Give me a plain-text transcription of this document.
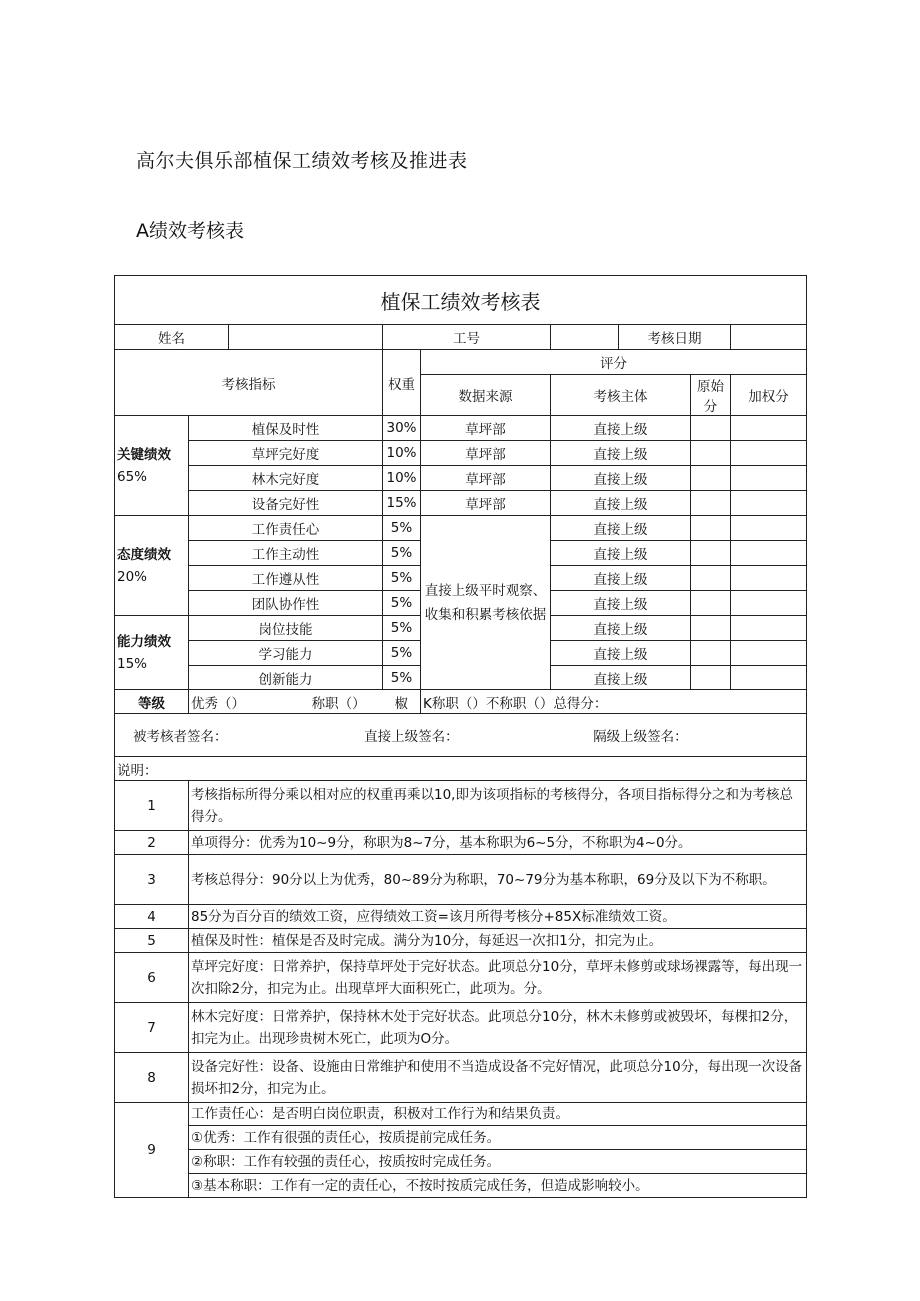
高尔夫俱乐部植保工绩效考核及推进表
A绩效考核表
植保工绩效考核表								
姓名			工号			考核日期		
考核指标			权重	评分				
				数据来源	考核主体		原始分	加权分
关键绩效
65%	植保及时性		30%	草坪部	直接上级			
	草坪完好度		10%	草坪部	直接上级			
	林木完好度		10%	草坪部	直接上级			
	设备完好性		15%	草坪部	直接上级			
态度绩效
20%	工作责任心		5%	直接上级平时观察、收集和积累考核依据	直接上级			
	工作主动性		5%		直接上级			
	工作遵从性		5%		直接上级			
	团队协作性		5%		直接上级			
能力绩效
15%	岗位技能		5%		直接上级			
	学习能力		5%		直接上级			
	创新能力		5%		直接上级			
等级	优秀（） 称职（）		椒	K称职（）不称职（）总得分：				
被考核者签名： 直接上级签名： 隔级上级签名：								
说明：								
1	考核指标所得分乘以相对应的权重再乘以10,即为该项指标的考核得分，各项目指标得分之和为考核总得分。							
2	单项得分：优秀为10~9分，称职为8~7分，基本称职为6~5分，不称职为4~0分。							
3	考核总得分：90分以上为优秀，80~89分为称职，70~79分为基本称职，69分及以下为不称职。							
4	85分为百分百的绩效工资，应得绩效工资=该月所得考核分+85X标准绩效工资。							
5	植保及时性：植保是否及时完成。满分为10分，每延迟一次扣1分，扣完为止。							
6	草坪完好度：日常养护，保持草坪处于完好状态。此项总分10分，草坪未修剪或球场裸露等，每出现一次扣除2分，扣完为止。出现草坪大面积死亡，此项为。分。							
7	林木完好度：日常养护，保持林木处于完好状态。此项总分10分，林木未修剪或被毁坏，每棵扣2分，扣完为止。出现珍贵树木死亡，此项为O分。							
8	设备完好性：设备、设施由日常维护和使用不当造成设备不完好情况，此项总分10分，每出现一次设备损坏扣2分，扣完为止。							
9	工作责任心：是否明白岗位职责，积极对工作行为和结果负责。							
	①优秀：工作有很强的责任心，按质提前完成任务。							
	②称职：工作有较强的责任心，按质按时完成任务。							
	③基本称职：工作有一定的责任心，不按时按质完成任务，但造成影响较小。							
